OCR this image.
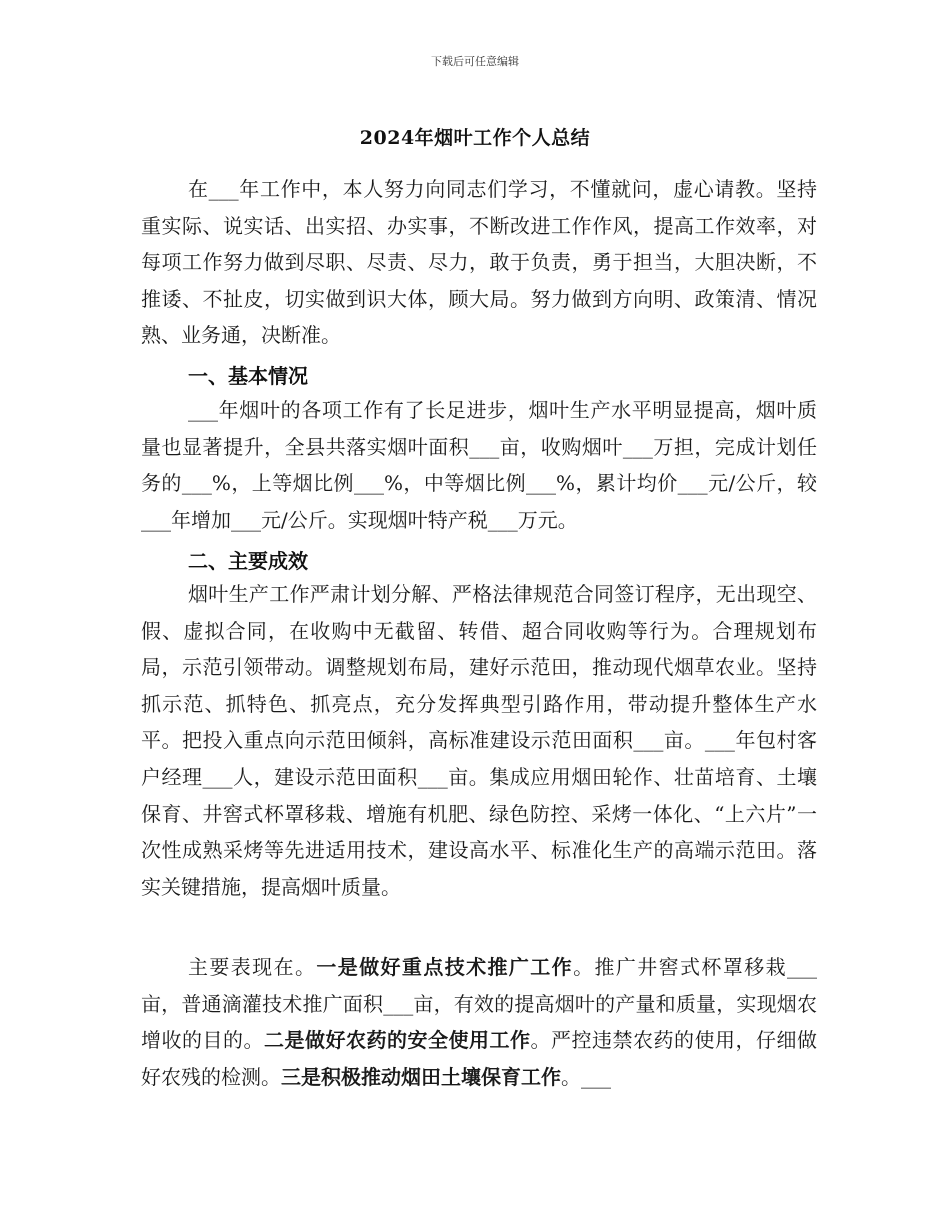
下载后可任意编辑
2024年烟叶工作个人总结

在___年工作中，本人努力向同志们学习，不懂就问，虚心请教。坚持重实际、说实话、出实招、办实事，不断改进工作作风，提高工作效率，对每项工作努力做到尽职、尽责、尽力，敢于负责，勇于担当，大胆决断，不推诿、不扯皮，切实做到识大体，顾大局。努力做到方向明、政策清、情况熟、业务通，决断准。

一、基本情况

___年烟叶的各项工作有了长足进步，烟叶生产水平明显提高，烟叶质量也显著提升，全县共落实烟叶面积___亩，收购烟叶___万担，完成计划任务的___%，上等烟比例___%，中等烟比例___%，累计均价___元/公斤，较___年增加___元/公斤。实现烟叶特产税___万元。

二、主要成效

烟叶生产工作严肃计划分解、严格法律规范合同签订程序，无出现空、假、虚拟合同，在收购中无截留、转借、超合同收购等行为。合理规划布局，示范引领带动。调整规划布局，建好示范田，推动现代烟草农业。坚持抓示范、抓特色、抓亮点，充分发挥典型引路作用，带动提升整体生产水平。把投入重点向示范田倾斜，高标准建设示范田面积___亩。___年包村客户经理___人，建设示范田面积___亩。集成应用烟田轮作、壮苗培育、土壤保育、井窖式杯罩移栽、增施有机肥、绿色防控、采烤一体化、“上六片”一次性成熟采烤等先进适用技术，建设高水平、标准化生产的高端示范田。落实关键措施，提高烟叶质量。

主要表现在。一是做好重点技术推广工作。推广井窖式杯罩移栽___亩，普通滴灌技术推广面积___亩，有效的提高烟叶的产量和质量，实现烟农增收的目的。二是做好农药的安全使用工作。严控违禁农药的使用，仔细做好农残的检测。三是积极推动烟田土壤保育工作。___
